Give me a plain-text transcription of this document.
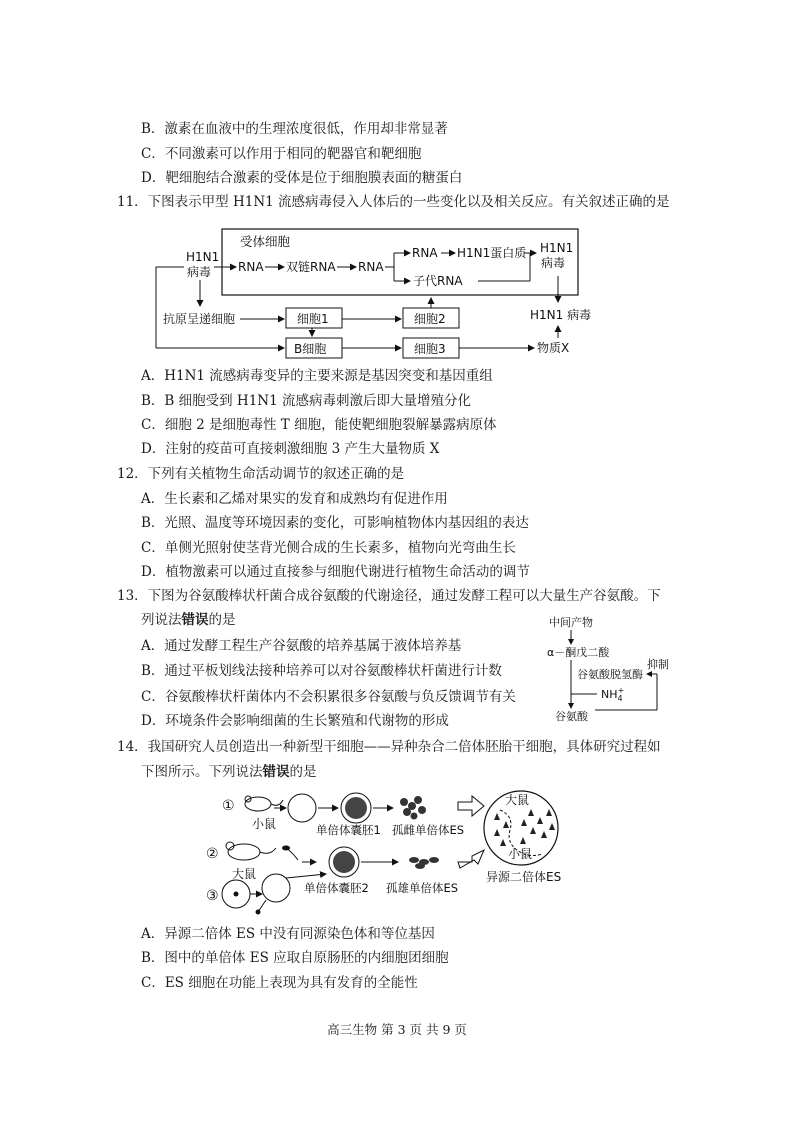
B．激素在血液中的生理浓度很低，作用却非常显著
C．不同激素可以作用于相同的靶器官和靶细胞
D．靶细胞结合激素的受体是位于细胞膜表面的糖蛋白
11．下图表示甲型 H1N1 流感病毒侵入人体后的一些变化以及相关反应。有关叙述正确的是
受体细胞
H1N1
病毒 RNA 双链RNA RNA
RNA H1N1蛋白质
子代RNA
H1N1
病毒
抗原呈递细胞	细胞1	细胞2	H1N1 病毒
B细胞	细胞3	物质X
A．H1N1 流感病毒变异的主要来源是基因突变和基因重组
B．B 细胞受到 H1N1 流感病毒刺激后即大量增殖分化
C．细胞 2 是细胞毒性 T 细胞，能使靶细胞裂解暴露病原体
D．注射的疫苗可直接刺激细胞 3 产生大量物质 X
12．下列有关植物生命活动调节的叙述正确的是
A．生长素和乙烯对果实的发育和成熟均有促进作用
B．光照、温度等环境因素的变化，可影响植物体内基因组的表达
C．单侧光照射使茎背光侧合成的生长素多，植物向光弯曲生长
D．植物激素可以通过直接参与细胞代谢进行植物生命活动的调节
13．下图为谷氨酸棒状杆菌合成谷氨酸的代谢途径，通过发酵工程可以大量生产谷氨酸。下
列说法错误的是
A．通过发酵工程生产谷氨酸的培养基属于液体培养基
B．通过平板划线法接种培养可以对谷氨酸棒状杆菌进行计数
C．谷氨酸棒状杆菌体内不会积累很多谷氨酸与负反馈调节有关
D．环境条件会影响细菌的生长繁殖和代谢物的形成
中间产物
α－酮戊二酸
谷氨酸脱氢酶
抑制
$NH_4+$
谷氨酸
14．我国研究人员创造出一种新型干细胞——异种杂合二倍体胚胎干细胞，具体研究过程如
下图所示。下列说法错误的是
①
小鼠	单倍体囊胚1 孤雌单倍体ES
大鼠
小鼠
异源二倍体ES
②
大鼠
单倍体囊胚2 孤雄单倍体ES
③
A．异源二倍体 ES 中没有同源染色体和等位基因
B．图中的单倍体 ES 应取自原肠胚的内细胞团细胞
C．ES 细胞在功能上表现为具有发育的全能性
高三生物 第 3 页 共 9 页
